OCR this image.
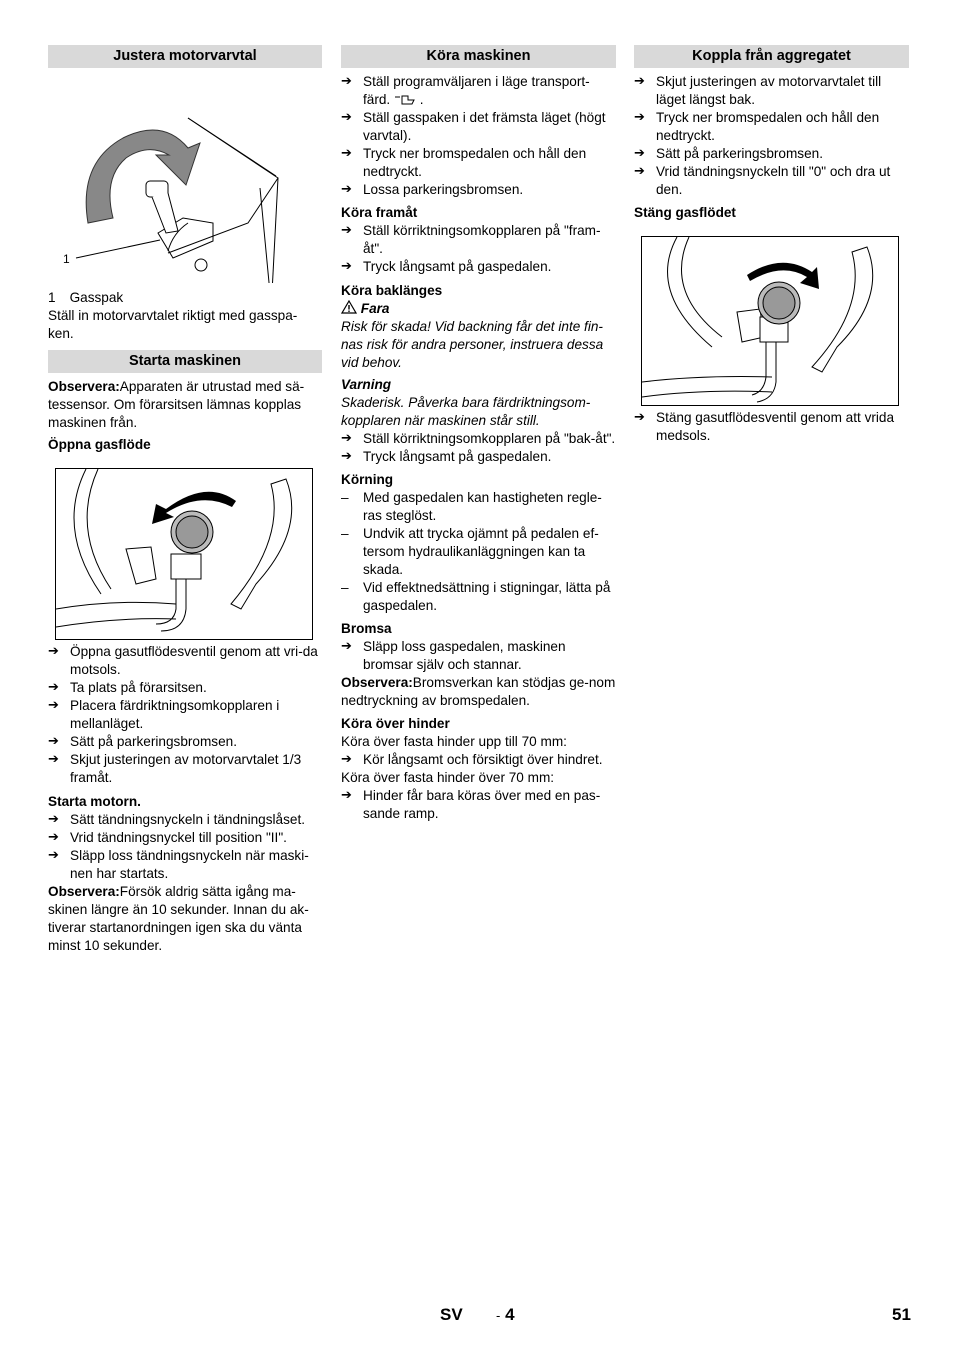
Justera motorvarvtal
1
1 Gasspak

Ställ in motorvarvtalet riktigt med gasspa-ken.

Starta maskinen

Observera:Apparaten är utrustad med sä-tessensor. Om förarsitsen lämnas kopplas maskinen från.

Öppna gasflöde
➔ Öppna gasutflödesventil genom att vri-da motsols.
➔ Ta plats på förarsitsen.
➔ Placera färdriktningsomkopplaren i mellanläget.
➔ Sätt på parkeringsbromsen.
➔ Skjut justeringen av motorvarvtalet 1/3 framåt.
Starta motorn.
➔ Sätt tändningsnyckeln i tändningslåset.
➔ Vrid tändningsnyckel till position "II".
➔ Släpp loss tändningsnyckeln när maski-nen har startats.

Observera:Försök aldrig sätta igång ma-skinen längre än 10 sekunder. Innan du ak-tiverar startanordningen igen ska du vänta minst 10 sekunder.

Köra maskinen
➔ Ställ programväljaren i läge transport-färd.  .
➔ Ställ gasspaken i det främsta läget (högt varvtal).
➔ Tryck ner bromspedalen och håll den nedtryckt.
➔ Lossa parkeringsbromsen.
Köra framåt
➔ Ställ körriktningsomkopplaren på "fram-åt".
➔ Tryck långsamt på gaspedalen.
Köra baklänges
Fara

Risk för skada! Vid backning får det inte fin-nas risk för andra personer, instruera dessa vid behov.

Varning

Skaderisk. Påverka bara färdriktningsom-kopplaren när maskinen står still.

➔ Ställ körriktningsomkopplaren på "bak-åt".
➔ Tryck långsamt på gaspedalen.
Körning
– Med gaspedalen kan hastigheten regle-ras steglöst.
– Undvik att trycka ojämnt på pedalen ef-tersom hydraulikanläggningen kan ta skada.
– Vid effektnedsättning i stigningar, lätta på gaspedalen.
Bromsa
➔ Släpp loss gaspedalen, maskinen bromsar själv och stannar.

Observera:Bromsverkan kan stödjas ge-nom nedtryckning av bromspedalen.

Köra över hinder

Köra över fasta hinder upp till 70 mm:

➔ Kör långsamt och försiktigt över hindret.

Köra över fasta hinder över 70 mm:

➔ Hinder får bara köras över med en pas-sande ramp.
Koppla från aggregatet
➔ Skjut justeringen av motorvarvtalet till läget längst bak.
➔ Tryck ner bromspedalen och håll den nedtryckt.
➔ Sätt på parkeringsbromsen.
➔ Vrid tändningsnyckeln till "0" och dra ut den.
Stäng gasflödet
➔ Stäng gasutflödesventil genom att vrida medsols.
SV	- 4	51
